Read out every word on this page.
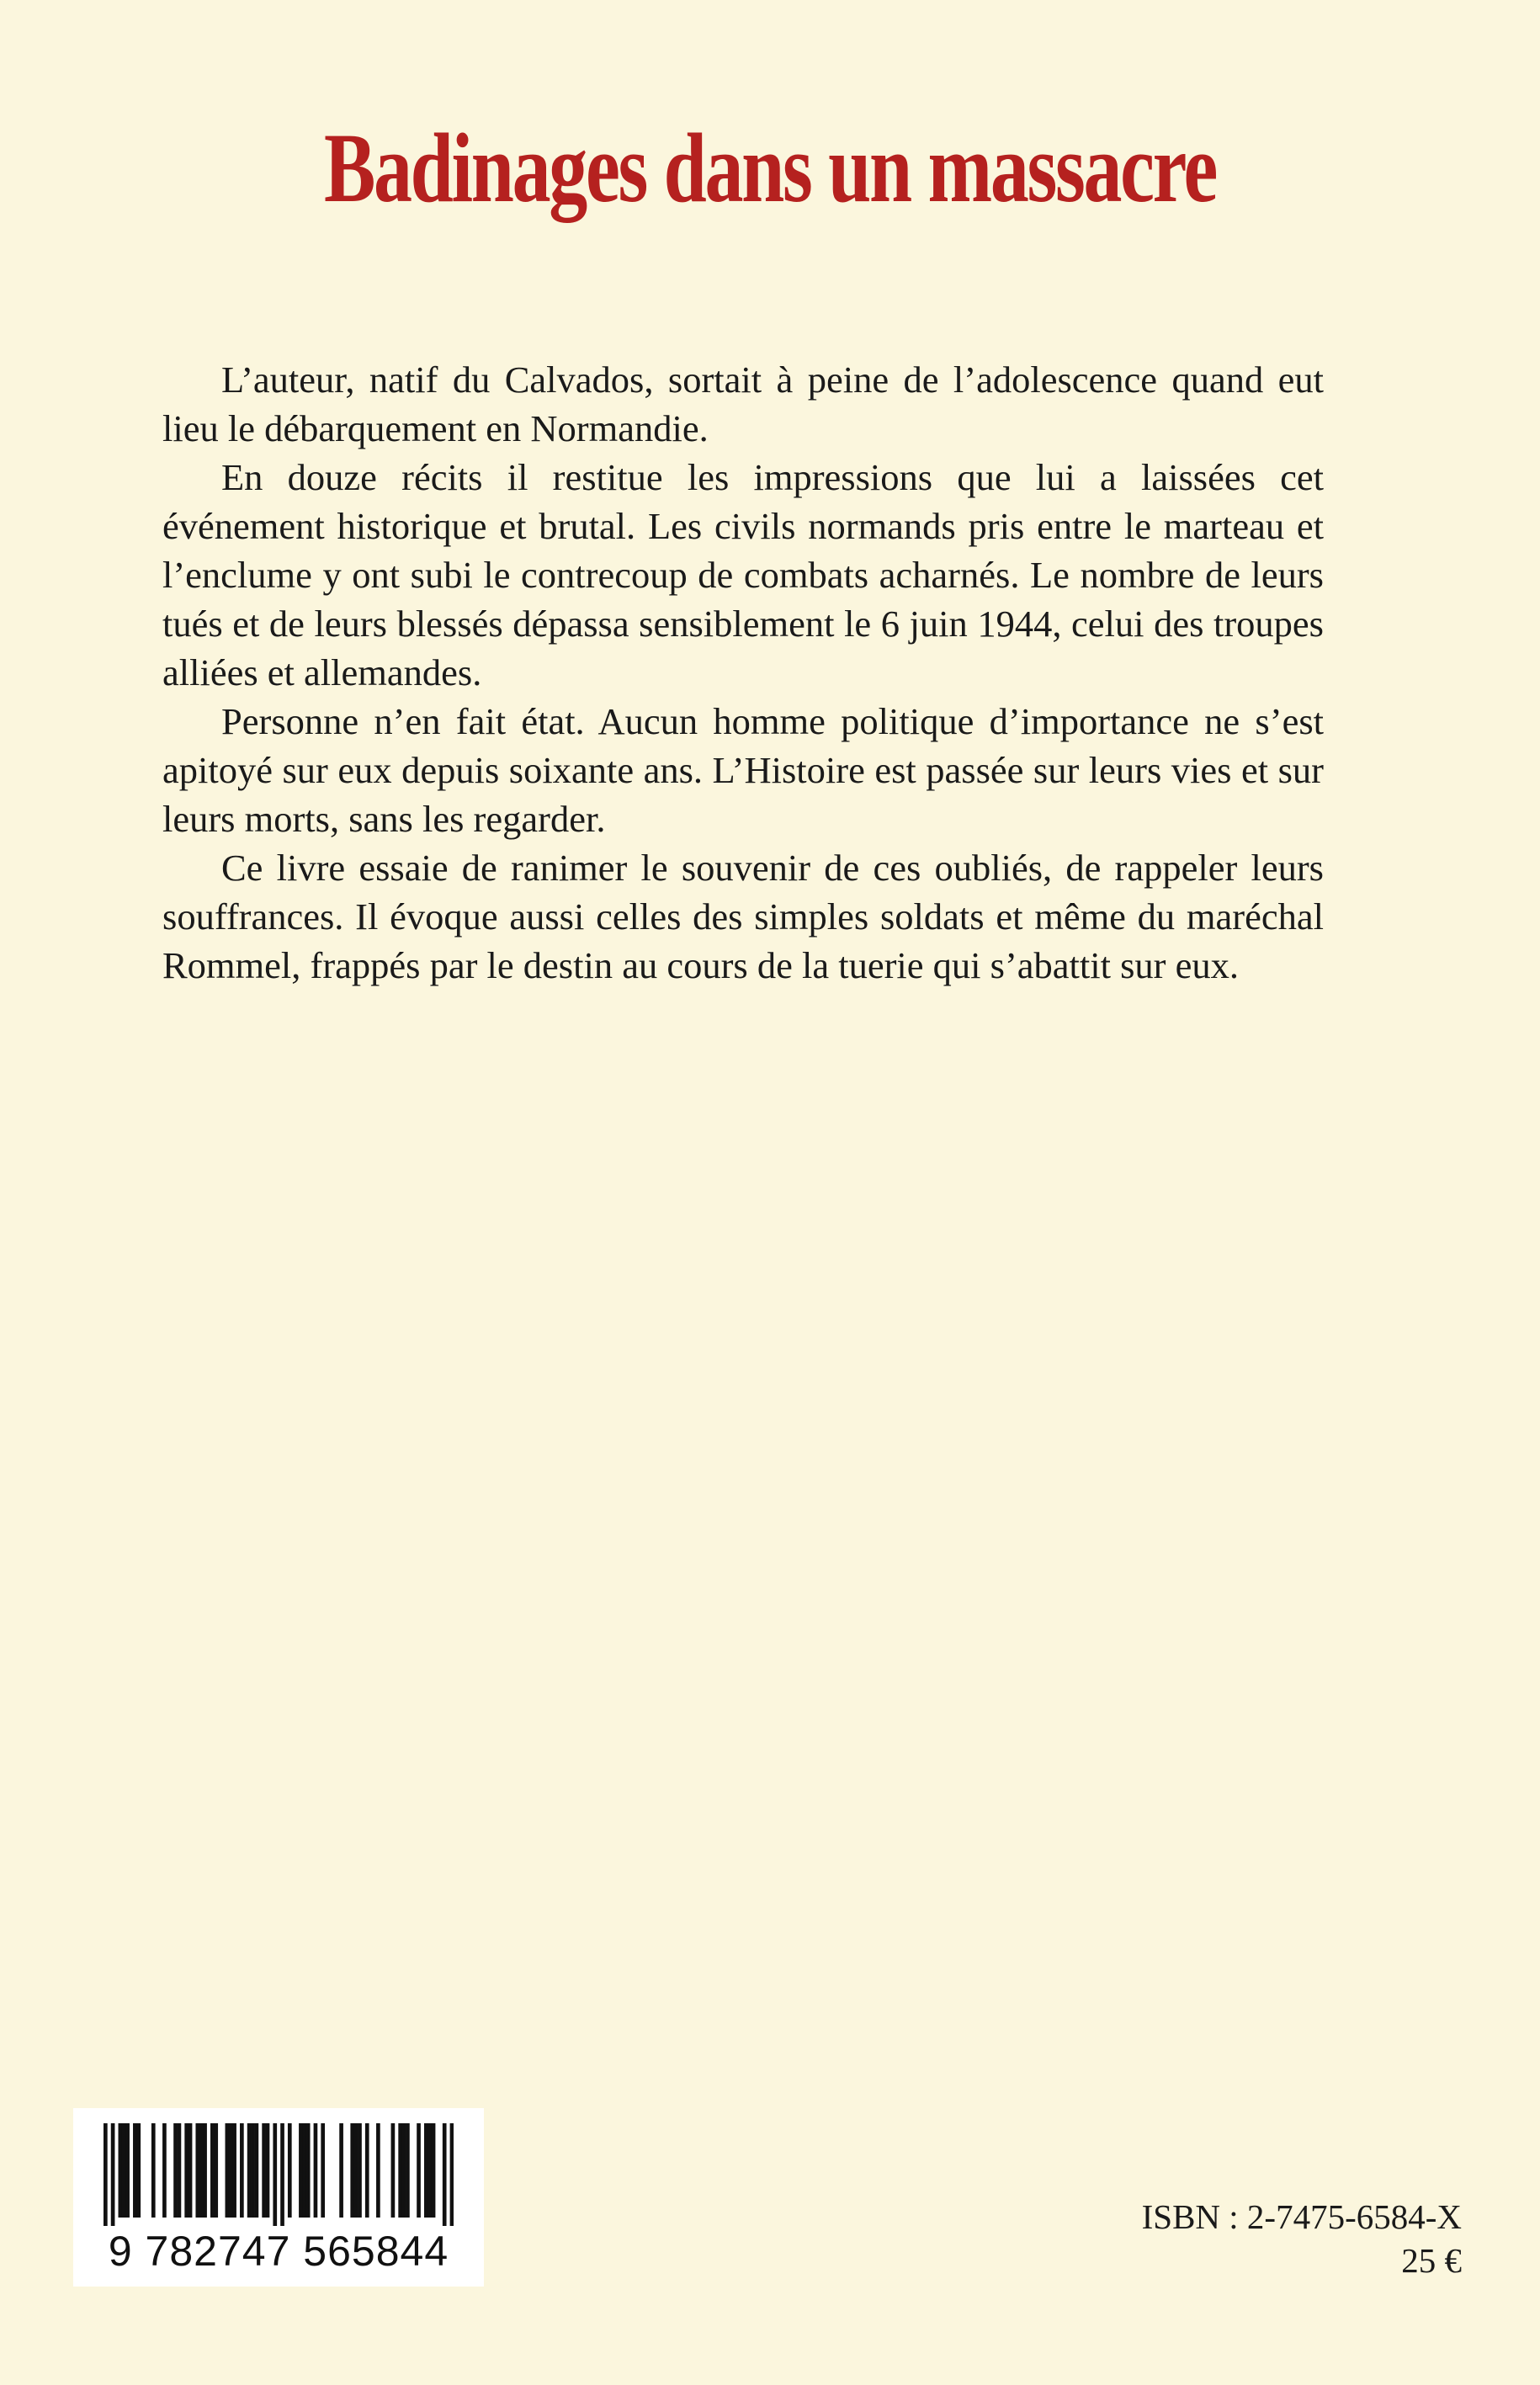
Badinages dans un massacre

L’auteur, natif du Calvados, sortait à peine de l’adolescence quand eut lieu le débarquement en Normandie.

En douze récits il restitue les impressions que lui a laissées cet événement historique et brutal. Les civils normands pris entre le marteau et l’enclume y ont subi le contrecoup de combats acharnés. Le nombre de leurs tués et de leurs blessés dépassa sensiblement le 6 juin 1944, celui des troupes alliées et allemandes.

Personne n’en fait état. Aucun homme politique d’importance ne s’est apitoyé sur eux depuis soixante ans. L’Histoire est passée sur leurs vies et sur leurs morts, sans les regarder.

Ce livre essaie de ranimer le souvenir de ces oubliés, de rappeler leurs souffrances. Il évoque aussi celles des simples soldats et même du maréchal Rommel, frappés par le destin au cours de la tuerie qui s’abattit sur eux.

9 782747 565844

ISBN : 2-7475-6584-X

25 €
